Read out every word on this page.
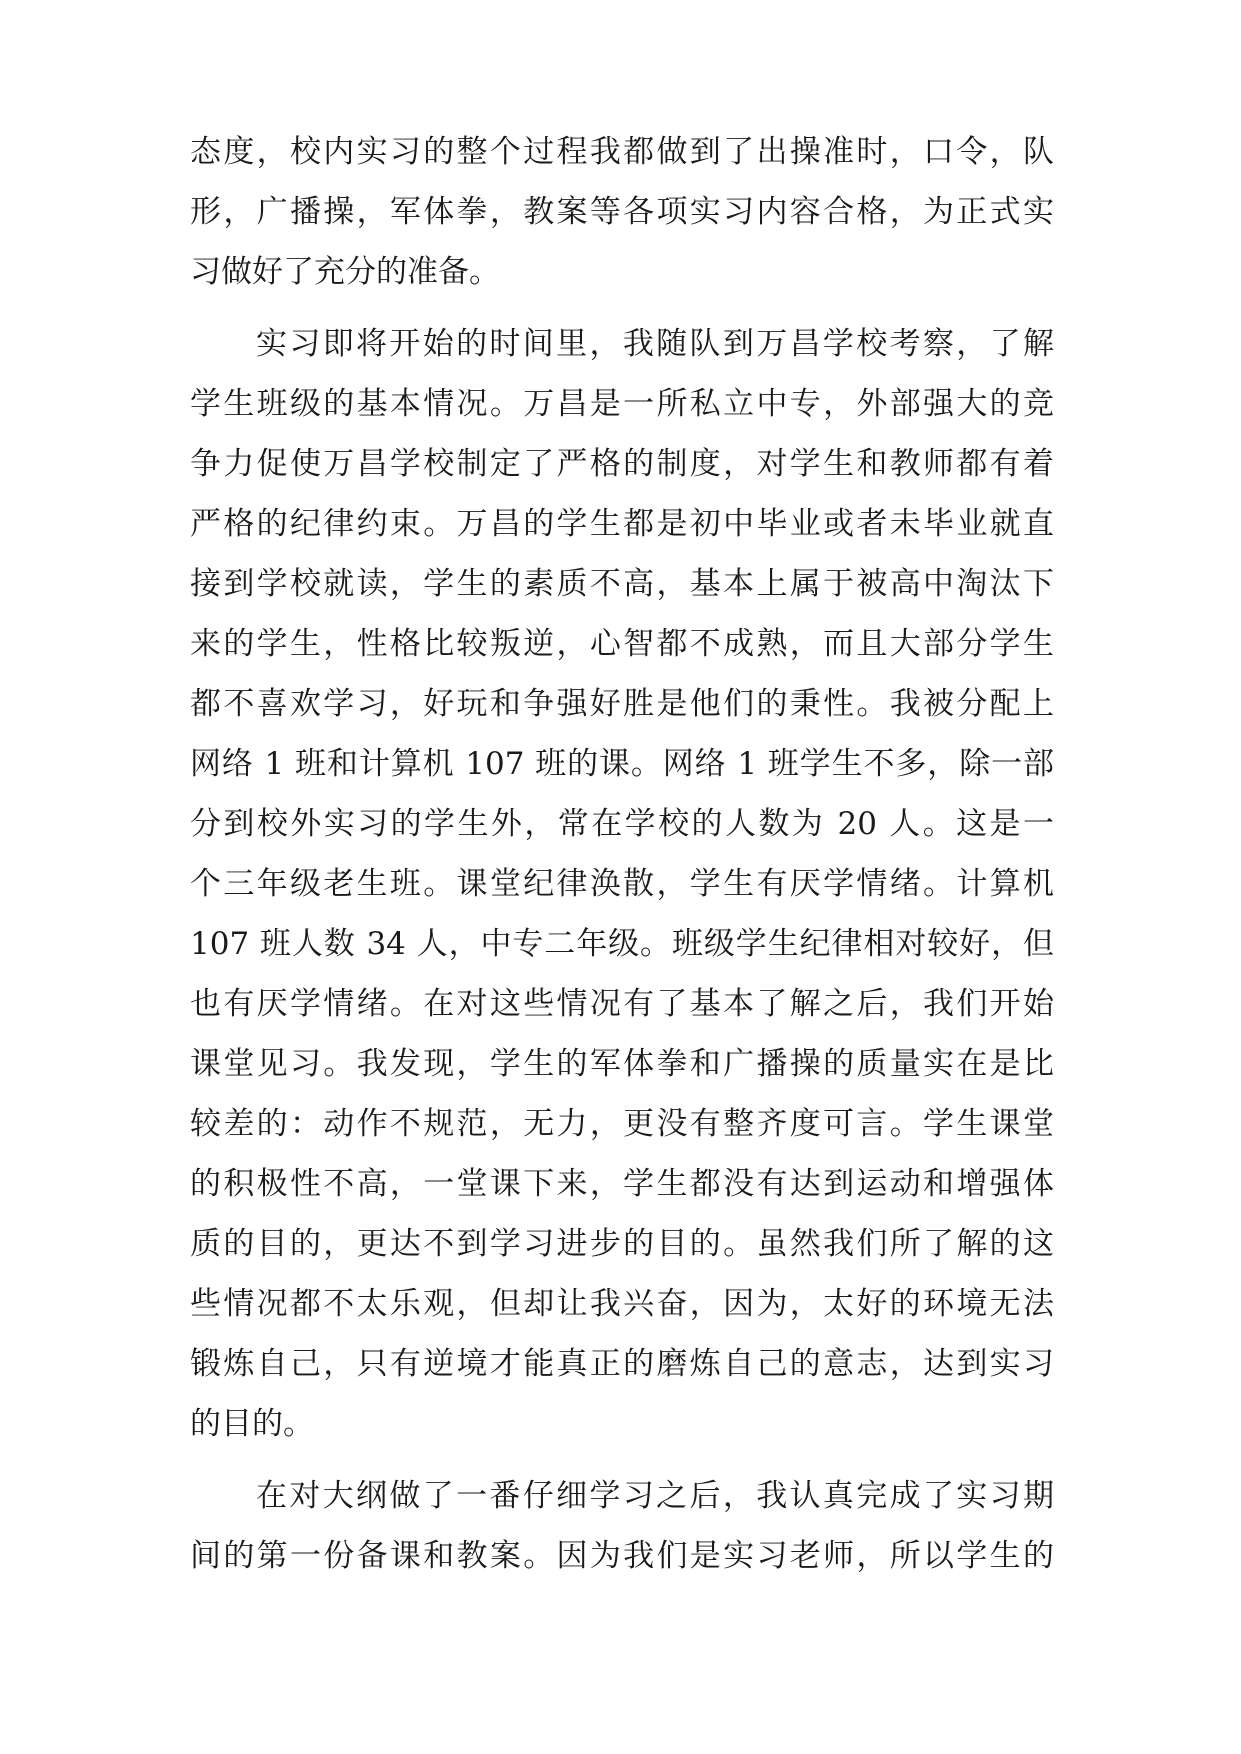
态度，校内实习的整个过程我都做到了出操准时，口令，队
形，广播操，军体拳，教案等各项实习内容合格，为正式实
习做好了充分的准备。
实习即将开始的时间里，我随队到万昌学校考察，了解
学生班级的基本情况。万昌是一所私立中专，外部强大的竞
争力促使万昌学校制定了严格的制度，对学生和教师都有着
严格的纪律约束。万昌的学生都是初中毕业或者未毕业就直
接到学校就读，学生的素质不高，基本上属于被高中淘汰下
来的学生，性格比较叛逆，心智都不成熟，而且大部分学生
都不喜欢学习，好玩和争强好胜是他们的秉性。我被分配上
网络 1 班和计算机 107 班的课。网络 1 班学生不多，除一部
分到校外实习的学生外，常在学校的人数为 20 人。这是一
个三年级老生班。课堂纪律涣散，学生有厌学情绪。计算机
107 班人数 34 人，中专二年级。班级学生纪律相对较好，但
也有厌学情绪。在对这些情况有了基本了解之后，我们开始
课堂见习。我发现，学生的军体拳和广播操的质量实在是比
较差的：动作不规范，无力，更没有整齐度可言。学生课堂
的积极性不高，一堂课下来，学生都没有达到运动和增强体
质的目的，更达不到学习进步的目的。虽然我们所了解的这
些情况都不太乐观，但却让我兴奋，因为，太好的环境无法
锻炼自己，只有逆境才能真正的磨炼自己的意志，达到实习
的目的。
在对大纲做了一番仔细学习之后，我认真完成了实习期
间的第一份备课和教案。因为我们是实习老师，所以学生的
